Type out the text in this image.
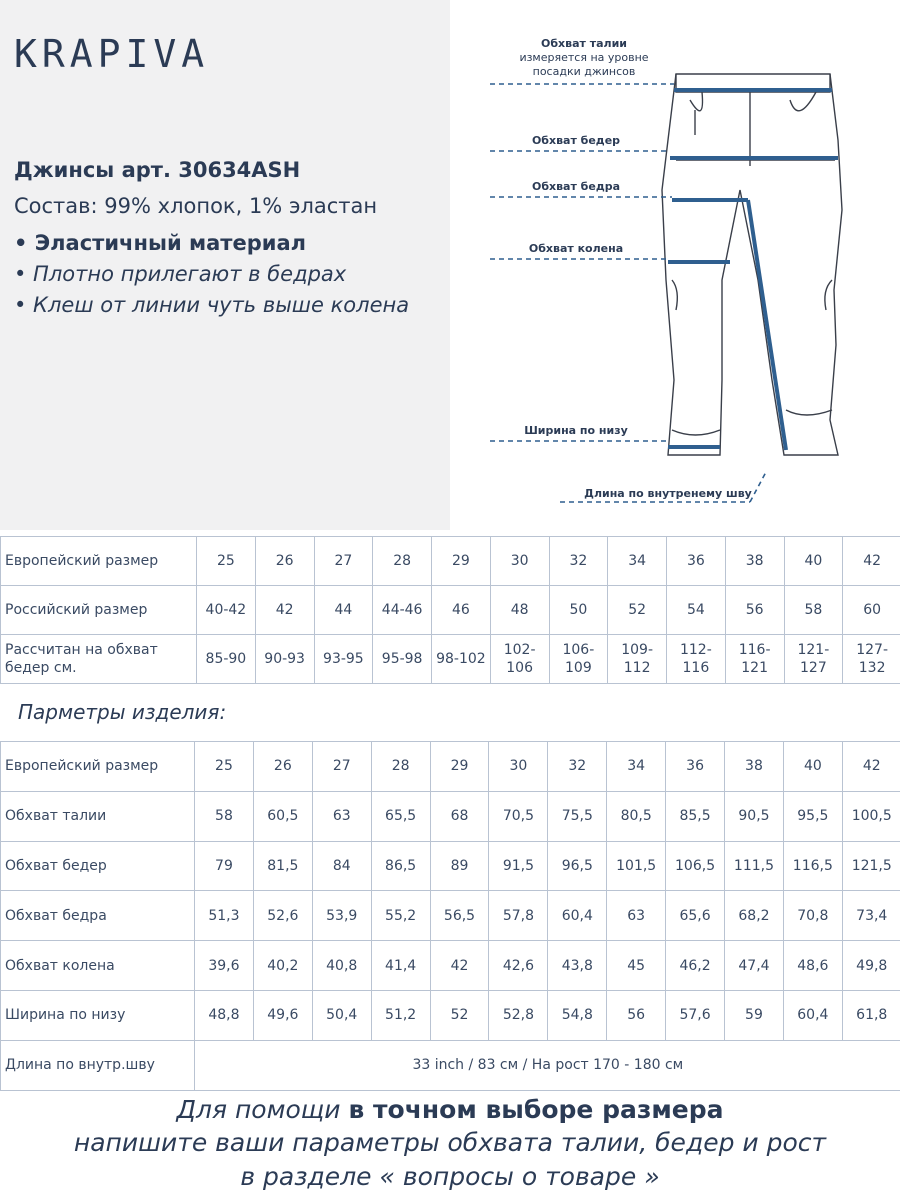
KRAPIVA
Джинсы арт. 30634ASH
Состав: 99% хлопок, 1% эластан
• Эластичный материал
• Плотно прилегают в бедрах
• Клеш от линии чуть выше колена
Обхват талии
измеряется на уровне
посадки джинсов
Обхват бедер
Обхват бедра
Обхват колена
Ширина по низу
Длина по внутренему шву
Европейский размер	25	26	27	28	29	30	32	34	36	38	40	42
Российский размер	40-42	42	44	44-46	46	48	50	52	54	56	58	60
Рассчитан на обхват бедер см.	85-90	90-93	93-95	95-98	98-102	102-106	106-109	109-112	112-116	116-121	121-127	127-132
Парметры изделия:
Европейский размер	25	26	27	28	29	30	32	34	36	38	40	42
Обхват талии	58	60,5	63	65,5	68	70,5	75,5	80,5	85,5	90,5	95,5	100,5
Обхват бедер	79	81,5	84	86,5	89	91,5	96,5	101,5	106,5	111,5	116,5	121,5
Обхват бедра	51,3	52,6	53,9	55,2	56,5	57,8	60,4	63	65,6	68,2	70,8	73,4
Обхват колена	39,6	40,2	40,8	41,4	42	42,6	43,8	45	46,2	47,4	48,6	49,8
Ширина по низу	48,8	49,6	50,4	51,2	52	52,8	54,8	56	57,6	59	60,4	61,8
Длина по внутр.шву	33 inch / 83 см / На рост 170 - 180 см											
Для помощи в точном выборе размера
напишите ваши параметры обхвата талии, бедер и рост
в разделе « вопросы о товаре »
